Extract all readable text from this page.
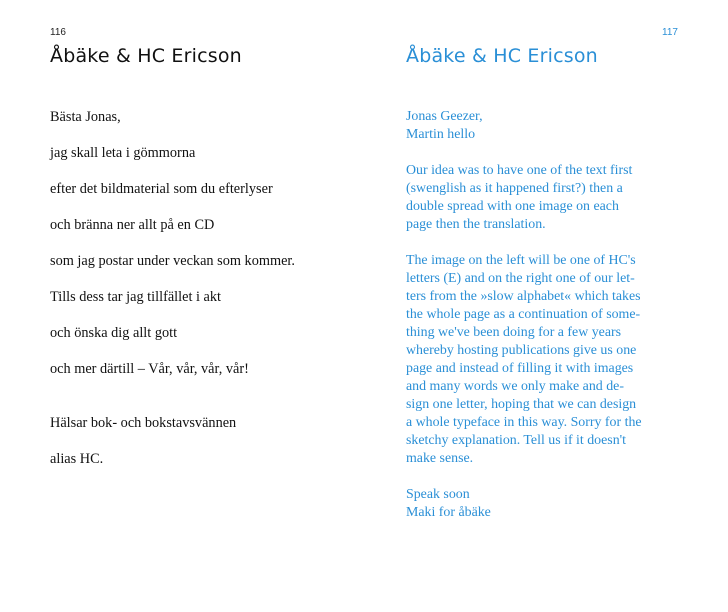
116
Åbäke & HC Ericson
Bästa Jonas,
jag skall leta i gömmorna
efter det bildmaterial som du efterlyser
och bränna ner allt på en CD
som jag postar under veckan som kommer.
Tills dess tar jag tillfället i akt
och önska dig allt gott
och mer därtill – Vår, vår, vår, vår!
Hälsar bok- och bokstavsvännen
alias HC.
117
Åbäke & HC Ericson
Jonas Geezer,
Martin hello
Our idea was to have one of the text first
(swenglish as it happened first?) then a
double spread with one image on each
page then the translation.
The image on the left will be one of HC's
letters (E) and on the right one of our let-
ters from the »slow alphabet« which takes
the whole page as a continuation of some-
thing we've been doing for a few years
whereby hosting publications give us one
page and instead of filling it with images
and many words we only make and de-
sign one letter, hoping that we can design
a whole typeface in this way. Sorry for the
sketchy explanation. Tell us if it doesn't
make sense.
Speak soon
Maki for åbäke
